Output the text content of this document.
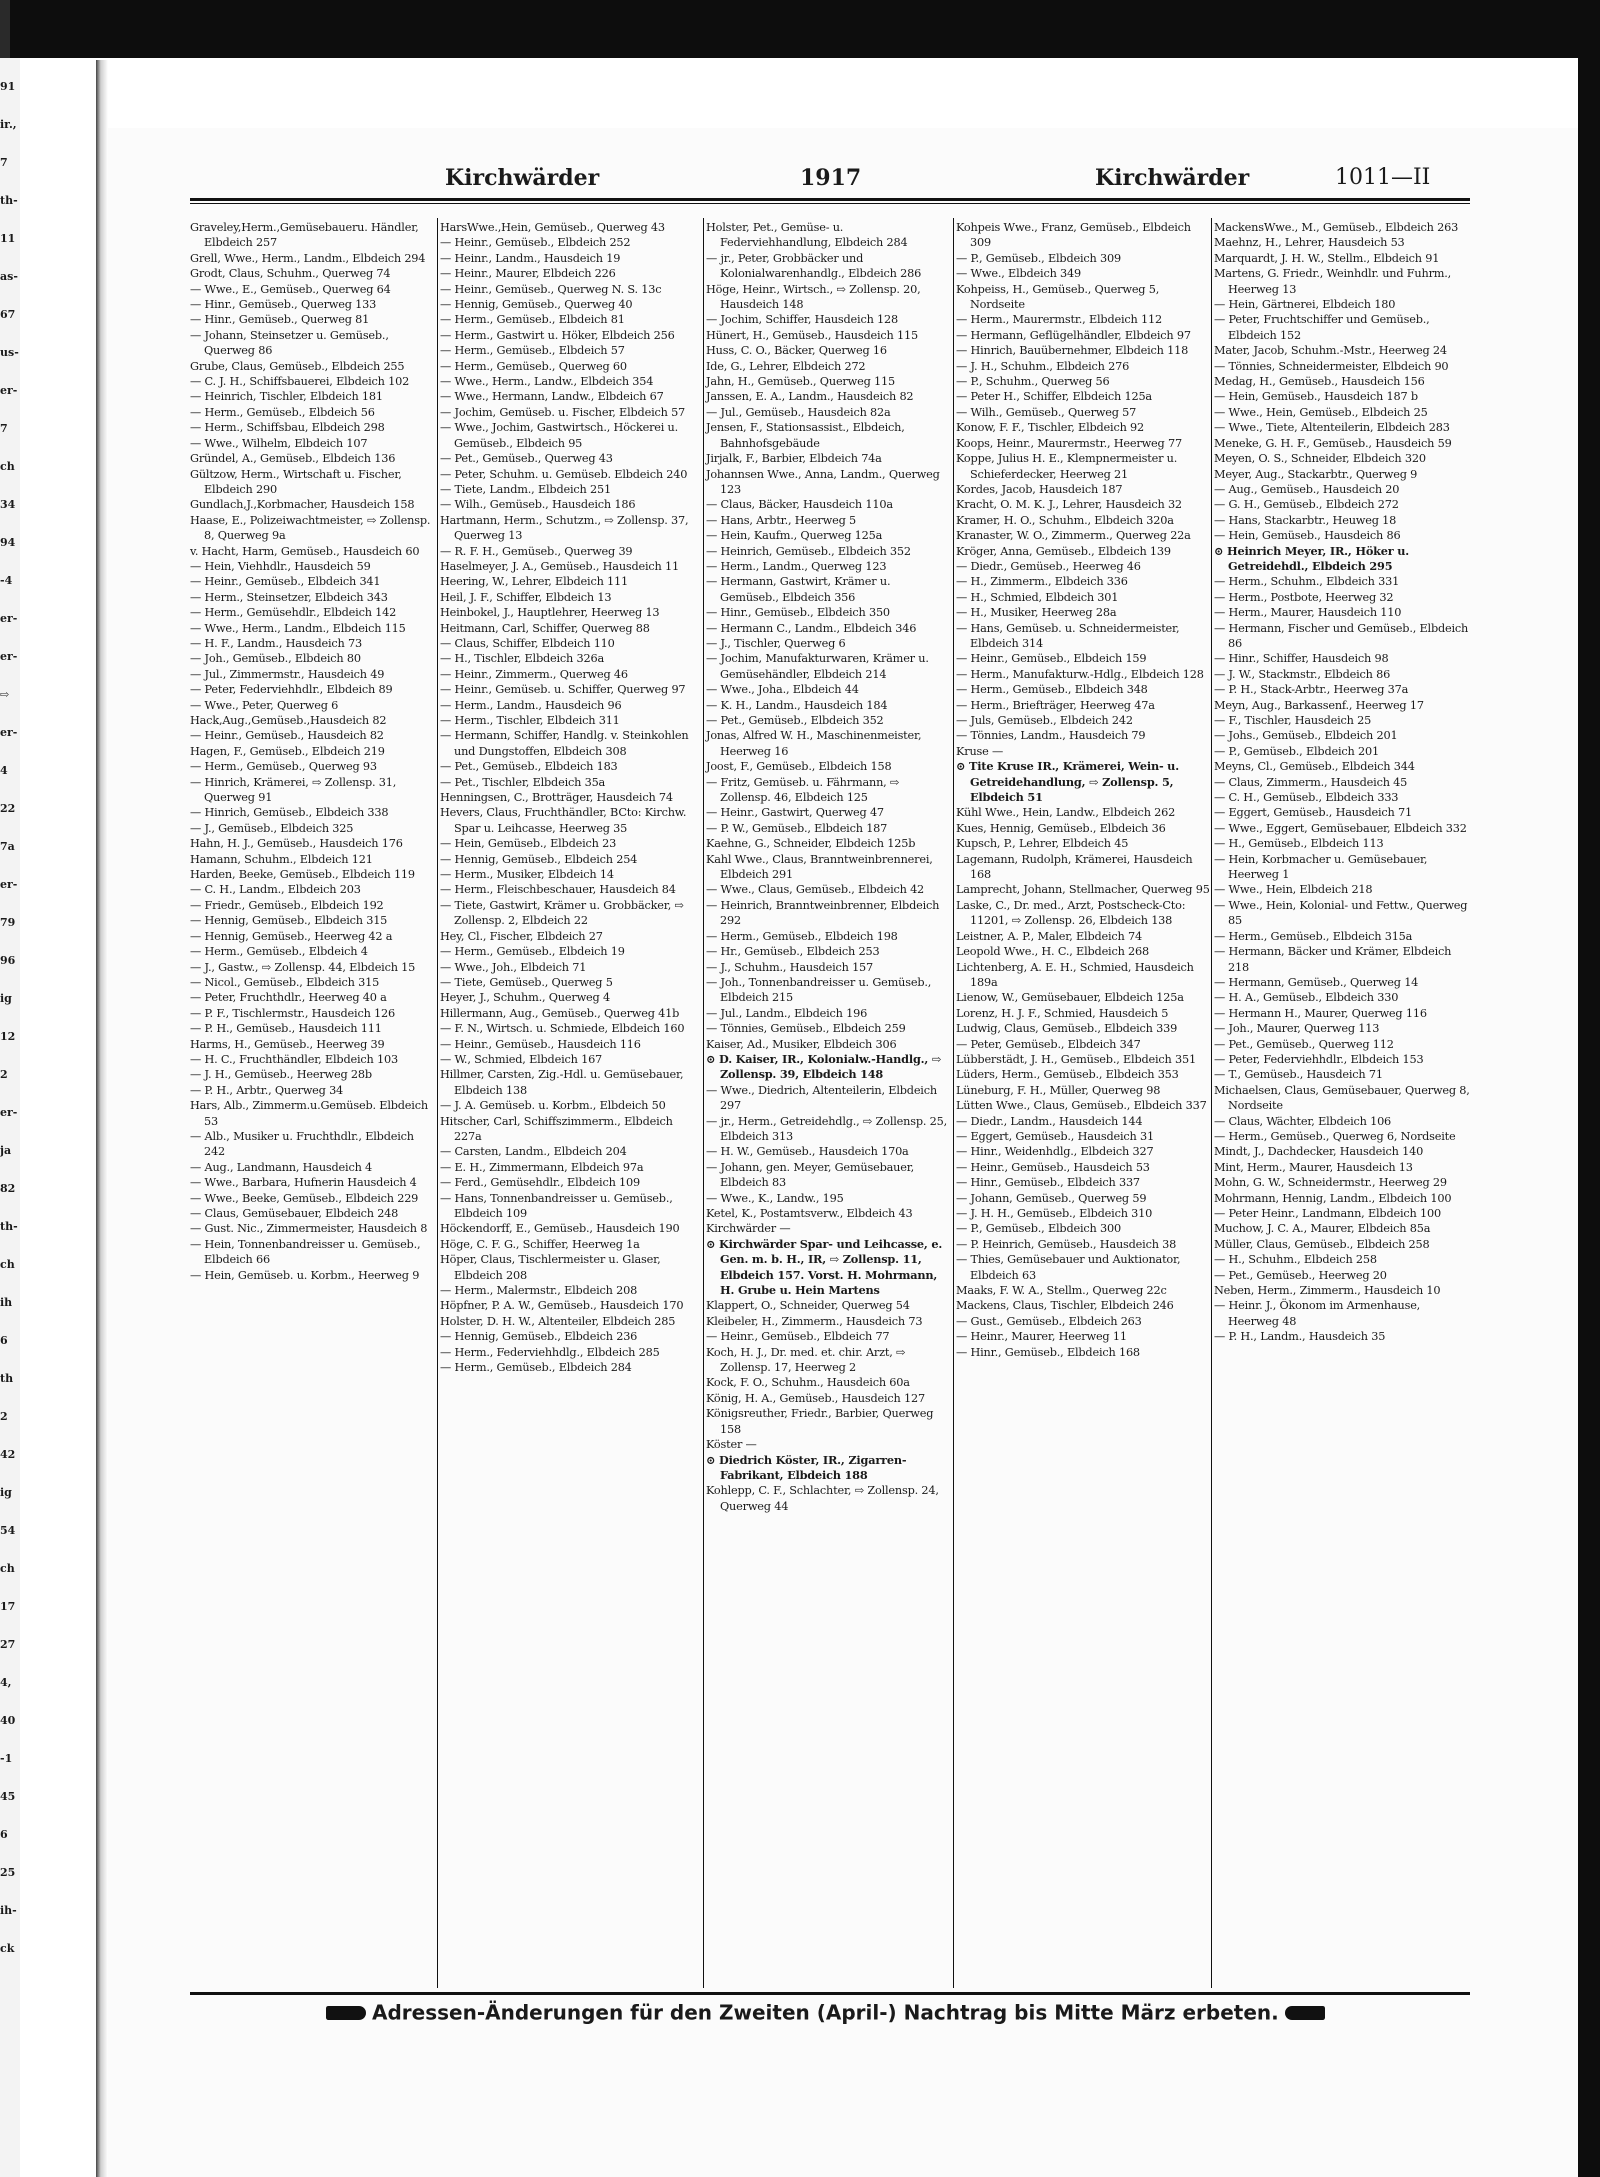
91
ir.,
7
th-
11
as-
67
us-
er-
7
ch
34
94
-4
er-
er-
⇨
er-
4
22
7a
er-
79
96
ig
12
2
er-
ja
82
th-
ch
ih
6
th
2
42
ig
54
ch
17
27
4,
40
-1
45
6
25
ih-
ck
Kirchwärder	1917	Kirchwärder	1011—II
Graveley,Herm.,Gemüsebaueru. Händler, Elbdeich 257
Grell, Wwe., Herm., Landm., Elbdeich 294
Grodt, Claus, Schuhm., Querweg 74
— Wwe., E., Gemüseb., Querweg 64
— Hinr., Gemüseb., Querweg 133
— Hinr., Gemüseb., Querweg 81
— Johann, Steinsetzer u. Gemüseb., Querweg 86
Grube, Claus, Gemüseb., Elbdeich 255
— C. J. H., Schiffsbauerei, Elbdeich 102
— Heinrich, Tischler, Elbdeich 181
— Herm., Gemüseb., Elbdeich 56
— Herm., Schiffsbau, Elbdeich 298
— Wwe., Wilhelm, Elbdeich 107
Gründel, A., Gemüseb., Elbdeich 136
Gültzow, Herm., Wirtschaft u. Fischer, Elbdeich 290
Gundlach,J.,Korbmacher, Hausdeich 158
Haase, E., Polizeiwachtmeister, ⇨ Zollensp. 8, Querweg 9a
v. Hacht, Harm, Gemüseb., Hausdeich 60
— Hein, Viehhdlr., Hausdeich 59
— Heinr., Gemüseb., Elbdeich 341
— Herm., Steinsetzer, Elbdeich 343
— Herm., Gemüsehdlr., Elbdeich 142
— Wwe., Herm., Landm., Elbdeich 115
— H. F., Landm., Hausdeich 73
— Joh., Gemüseb., Elbdeich 80
— Jul., Zimmermstr., Hausdeich 49
— Peter, Federviehhdlr., Elbdeich 89
— Wwe., Peter, Querweg 6
Hack,Aug.,Gemüseb.,Hausdeich 82
— Heinr., Gemüseb., Hausdeich 82
Hagen, F., Gemüseb., Elbdeich 219
— Herm., Gemüseb., Querweg 93
— Hinrich, Krämerei, ⇨ Zollensp. 31, Querweg 91
— Hinrich, Gemüseb., Elbdeich 338
— J., Gemüseb., Elbdeich 325
Hahn, H. J., Gemüseb., Hausdeich 176
Hamann, Schuhm., Elbdeich 121
Harden, Beeke, Gemüseb., Elbdeich 119
— C. H., Landm., Elbdeich 203
— Friedr., Gemüseb., Elbdeich 192
— Hennig, Gemüseb., Elbdeich 315
— Hennig, Gemüseb., Heerweg 42 a
— Herm., Gemüseb., Elbdeich 4
— J., Gastw., ⇨ Zollensp. 44, Elbdeich 15
— Nicol., Gemüseb., Elbdeich 315
— Peter, Fruchthdlr., Heerweg 40 a
— P. F., Tischlermstr., Hausdeich 126
— P. H., Gemüseb., Hausdeich 111
Harms, H., Gemüseb., Heerweg 39
— H. C., Fruchthändler, Elbdeich 103
— J. H., Gemüseb., Heerweg 28b
— P. H., Arbtr., Querweg 34
Hars, Alb., Zimmerm.u.Gemüseb. Elbdeich 53
— Alb., Musiker u. Fruchthdlr., Elbdeich 242
— Aug., Landmann, Hausdeich 4
— Wwe., Barbara, Hufnerin Hausdeich 4
— Wwe., Beeke, Gemüseb., Elbdeich 229
— Claus, Gemüsebauer, Elbdeich 248
— Gust. Nic., Zimmermeister, Hausdeich 8
— Hein, Tonnenbandreisser u. Gemüseb., Elbdeich 66
— Hein, Gemüseb. u. Korbm., Heerweg 9
HarsWwe.,Hein, Gemüseb., Querweg 43
— Heinr., Gemüseb., Elbdeich 252
— Heinr., Landm., Hausdeich 19
— Heinr., Maurer, Elbdeich 226
— Heinr., Gemüseb., Querweg N. S. 13c
— Hennig, Gemüseb., Querweg 40
— Herm., Gemüseb., Elbdeich 81
— Herm., Gastwirt u. Höker, Elbdeich 256
— Herm., Gemüseb., Elbdeich 57
— Herm., Gemüseb., Querweg 60
— Wwe., Herm., Landw., Elbdeich 354
— Wwe., Hermann, Landw., Elbdeich 67
— Jochim, Gemüseb. u. Fischer, Elbdeich 57
— Wwe., Jochim, Gastwirtsch., Höckerei u. Gemüseb., Elbdeich 95
— Pet., Gemüseb., Querweg 43
— Peter, Schuhm. u. Gemüseb. Elbdeich 240
— Tiete, Landm., Elbdeich 251
— Wilh., Gemüseb., Hausdeich 186
Hartmann, Herm., Schutzm., ⇨ Zollensp. 37, Querweg 13
— R. F. H., Gemüseb., Querweg 39
Haselmeyer, J. A., Gemüseb., Hausdeich 11
Heering, W., Lehrer, Elbdeich 111
Heil, J. F., Schiffer, Elbdeich 13
Heinbokel, J., Hauptlehrer, Heerweg 13
Heitmann, Carl, Schiffer, Querweg 88
— Claus, Schiffer, Elbdeich 110
— H., Tischler, Elbdeich 326a
— Heinr., Zimmerm., Querweg 46
— Heinr., Gemüseb. u. Schiffer, Querweg 97
— Herm., Landm., Hausdeich 96
— Herm., Tischler, Elbdeich 311
— Hermann, Schiffer, Handlg. v. Steinkohlen und Dungstoffen, Elbdeich 308
— Pet., Gemüseb., Elbdeich 183
— Pet., Tischler, Elbdeich 35a
Henningsen, C., Brotträger, Hausdeich 74
Hevers, Claus, Fruchthändler, BCto: Kirchw. Spar u. Leihcasse, Heerweg 35
— Hein, Gemüseb., Elbdeich 23
— Hennig, Gemüseb., Elbdeich 254
— Herm., Musiker, Elbdeich 14
— Herm., Fleischbeschauer, Hausdeich 84
— Tiete, Gastwirt, Krämer u. Grobbäcker, ⇨ Zollensp. 2, Elbdeich 22
Hey, Cl., Fischer, Elbdeich 27
— Herm., Gemüseb., Elbdeich 19
— Wwe., Joh., Elbdeich 71
— Tiete, Gemüseb., Querweg 5
Heyer, J., Schuhm., Querweg 4
Hillermann, Aug., Gemüseb., Querweg 41b
— F. N., Wirtsch. u. Schmiede, Elbdeich 160
— Heinr., Gemüseb., Hausdeich 116
— W., Schmied, Elbdeich 167
Hillmer, Carsten, Zig.-Hdl. u. Gemüsebauer, Elbdeich 138
— J. A. Gemüseb. u. Korbm., Elbdeich 50
Hitscher, Carl, Schiffszimmerm., Elbdeich 227a
— Carsten, Landm., Elbdeich 204
— E. H., Zimmermann, Elbdeich 97a
— Ferd., Gemüsehdlr., Elbdeich 109
— Hans, Tonnenbandreisser u. Gemüseb., Elbdeich 109
Höckendorff, E., Gemüseb., Hausdeich 190
Höge, C. F. G., Schiffer, Heerweg 1a
Höper, Claus, Tischlermeister u. Glaser, Elbdeich 208
— Herm., Malermstr., Elbdeich 208
Höpfner, P. A. W., Gemüseb., Hausdeich 170
Holster, D. H. W., Altenteiler, Elbdeich 285
— Hennig, Gemüseb., Elbdeich 236
— Herm., Federviehhdlg., Elbdeich 285
— Herm., Gemüseb., Elbdeich 284
Holster, Pet., Gemüse- u. Federviehhandlung, Elbdeich 284
— jr., Peter, Grobbäcker und Kolonialwarenhandlg., Elbdeich 286
Höge, Heinr., Wirtsch., ⇨ Zollensp. 20, Hausdeich 148
— Jochim, Schiffer, Hausdeich 128
Hünert, H., Gemüseb., Hausdeich 115
Huss, C. O., Bäcker, Querweg 16
Ide, G., Lehrer, Elbdeich 272
Jahn, H., Gemüseb., Querweg 115
Janssen, E. A., Landm., Hausdeich 82
— Jul., Gemüseb., Hausdeich 82a
Jensen, F., Stationsassist., Elbdeich, Bahnhofsgebäude
Jirjalk, F., Barbier, Elbdeich 74a
Johannsen Wwe., Anna, Landm., Querweg 123
— Claus, Bäcker, Hausdeich 110a
— Hans, Arbtr., Heerweg 5
— Hein, Kaufm., Querweg 125a
— Heinrich, Gemüseb., Elbdeich 352
— Herm., Landm., Querweg 123
— Hermann, Gastwirt, Krämer u. Gemüseb., Elbdeich 356
— Hinr., Gemüseb., Elbdeich 350
— Hermann C., Landm., Elbdeich 346
— J., Tischler, Querweg 6
— Jochim, Manufakturwaren, Krämer u. Gemüsehändler, Elbdeich 214
— Wwe., Joha., Elbdeich 44
— K. H., Landm., Hausdeich 184
— Pet., Gemüseb., Elbdeich 352
Jonas, Alfred W. H., Maschinenmeister, Heerweg 16
Joost, F., Gemüseb., Elbdeich 158
— Fritz, Gemüseb. u. Fährmann, ⇨ Zollensp. 46, Elbdeich 125
— Heinr., Gastwirt, Querweg 47
— P. W., Gemüseb., Elbdeich 187
Kaehne, G., Schneider, Elbdeich 125b
Kahl Wwe., Claus, Branntweinbrennerei, Elbdeich 291
— Wwe., Claus, Gemüseb., Elbdeich 42
— Heinrich, Branntweinbrenner, Elbdeich 292
— Herm., Gemüseb., Elbdeich 198
— Hr., Gemüseb., Elbdeich 253
— J., Schuhm., Hausdeich 157
— Joh., Tonnenbandreisser u. Gemüseb., Elbdeich 215
— Jul., Landm., Elbdeich 196
— Tönnies, Gemüseb., Elbdeich 259
Kaiser, Ad., Musiker, Elbdeich 306
⊙ D. Kaiser, IR., Kolonialw.-Handlg., ⇨ Zollensp. 39, Elbdeich 148
— Wwe., Diedrich, Altenteilerin, Elbdeich 297
— jr., Herm., Getreidehdlg., ⇨ Zollensp. 25, Elbdeich 313
— H. W., Gemüseb., Hausdeich 170a
— Johann, gen. Meyer, Gemüsebauer, Elbdeich 83
— Wwe., K., Landw., 195
Ketel, K., Postamtsverw., Elbdeich 43
Kirchwärder —
⊙ Kirchwärder Spar- und Leihcasse, e. Gen. m. b. H., IR, ⇨ Zollensp. 11, Elbdeich 157. Vorst. H. Mohrmann, H. Grube u. Hein Martens
Klappert, O., Schneider, Querweg 54
Kleibeler, H., Zimmerm., Hausdeich 73
— Heinr., Gemüseb., Elbdeich 77
Koch, H. J., Dr. med. et. chir. Arzt, ⇨ Zollensp. 17, Heerweg 2
Kock, F. O., Schuhm., Hausdeich 60a
König, H. A., Gemüseb., Hausdeich 127
Königsreuther, Friedr., Barbier, Querweg 158
Köster —
⊙ Diedrich Köster, IR., Zigarren-Fabrikant, Elbdeich 188
Kohlepp, C. F., Schlachter, ⇨ Zollensp. 24, Querweg 44
Kohpeis Wwe., Franz, Gemüseb., Elbdeich 309
— P., Gemüseb., Elbdeich 309
— Wwe., Elbdeich 349
Kohpeiss, H., Gemüseb., Querweg 5, Nordseite
— Herm., Maurermstr., Elbdeich 112
— Hermann, Geflügelhändler, Elbdeich 97
— Hinrich, Bauübernehmer, Elbdeich 118
— J. H., Schuhm., Elbdeich 276
— P., Schuhm., Querweg 56
— Peter H., Schiffer, Elbdeich 125a
— Wilh., Gemüseb., Querweg 57
Konow, F. F., Tischler, Elbdeich 92
Koops, Heinr., Maurermstr., Heerweg 77
Koppe, Julius H. E., Klempnermeister u. Schieferdecker, Heerweg 21
Kordes, Jacob, Hausdeich 187
Kracht, O. M. K. J., Lehrer, Hausdeich 32
Kramer, H. O., Schuhm., Elbdeich 320a
Kranaster, W. O., Zimmerm., Querweg 22a
Kröger, Anna, Gemüseb., Elbdeich 139
— Diedr., Gemüseb., Heerweg 46
— H., Zimmerm., Elbdeich 336
— H., Schmied, Elbdeich 301
— H., Musiker, Heerweg 28a
— Hans, Gemüseb. u. Schneidermeister, Elbdeich 314
— Heinr., Gemüseb., Elbdeich 159
— Herm., Manufakturw.-Hdlg., Elbdeich 128
— Herm., Gemüseb., Elbdeich 348
— Herm., Briefträger, Heerweg 47a
— Juls, Gemüseb., Elbdeich 242
— Tönnies, Landm., Hausdeich 79
Kruse —
⊙ Tite Kruse IR., Krämerei, Wein- u. Getreidehandlung, ⇨ Zollensp. 5, Elbdeich 51
Kühl Wwe., Hein, Landw., Elbdeich 262
Kues, Hennig, Gemüseb., Elbdeich 36
Kupsch, P., Lehrer, Elbdeich 45
Lagemann, Rudolph, Krämerei, Hausdeich 168
Lamprecht, Johann, Stellmacher, Querweg 95
Laske, C., Dr. med., Arzt, Postscheck-Cto: 11201, ⇨ Zollensp. 26, Elbdeich 138
Leistner, A. P., Maler, Elbdeich 74
Leopold Wwe., H. C., Elbdeich 268
Lichtenberg, A. E. H., Schmied, Hausdeich 189a
Lienow, W., Gemüsebauer, Elbdeich 125a
Lorenz, H. J. F., Schmied, Hausdeich 5
Ludwig, Claus, Gemüseb., Elbdeich 339
— Peter, Gemüseb., Elbdeich 347
Lübberstädt, J. H., Gemüseb., Elbdeich 351
Lüders, Herm., Gemüseb., Elbdeich 353
Lüneburg, F. H., Müller, Querweg 98
Lütten Wwe., Claus, Gemüseb., Elbdeich 337
— Diedr., Landm., Hausdeich 144
— Eggert, Gemüseb., Hausdeich 31
— Hinr., Weidenhdlg., Elbdeich 327
— Heinr., Gemüseb., Hausdeich 53
— Hinr., Gemüseb., Elbdeich 337
— Johann, Gemüseb., Querweg 59
— J. H. H., Gemüseb., Elbdeich 310
— P., Gemüseb., Elbdeich 300
— P. Heinrich, Gemüseb., Hausdeich 38
— Thies, Gemüsebauer und Auktionator, Elbdeich 63
Maaks, F. W. A., Stellm., Querweg 22c
Mackens, Claus, Tischler, Elbdeich 246
— Gust., Gemüseb., Elbdeich 263
— Heinr., Maurer, Heerweg 11
— Hinr., Gemüseb., Elbdeich 168
MackensWwe., M., Gemüseb., Elbdeich 263
Maehnz, H., Lehrer, Hausdeich 53
Marquardt, J. H. W., Stellm., Elbdeich 91
Martens, G. Friedr., Weinhdlr. und Fuhrm., Heerweg 13
— Hein, Gärtnerei, Elbdeich 180
— Peter, Fruchtschiffer und Gemüseb., Elbdeich 152
Mater, Jacob, Schuhm.-Mstr., Heerweg 24
— Tönnies, Schneidermeister, Elbdeich 90
Medag, H., Gemüseb., Hausdeich 156
— Hein, Gemüseb., Hausdeich 187 b
— Wwe., Hein, Gemüseb., Elbdeich 25
— Wwe., Tiete, Altenteilerin, Elbdeich 283
Meneke, G. H. F., Gemüseb., Hausdeich 59
Meyen, O. S., Schneider, Elbdeich 320
Meyer, Aug., Stackarbtr., Querweg 9
— Aug., Gemüseb., Hausdeich 20
— G. H., Gemüseb., Elbdeich 272
— Hans, Stackarbtr., Heuweg 18
— Hein, Gemüseb., Hausdeich 86
⊙ Heinrich Meyer, IR., Höker u. Getreidehdl., Elbdeich 295
— Herm., Schuhm., Elbdeich 331
— Herm., Postbote, Heerweg 32
— Herm., Maurer, Hausdeich 110
— Hermann, Fischer und Gemüseb., Elbdeich 86
— Hinr., Schiffer, Hausdeich 98
— J. W., Stackmstr., Elbdeich 86
— P. H., Stack-Arbtr., Heerweg 37a
Meyn, Aug., Barkassenf., Heerweg 17
— F., Tischler, Hausdeich 25
— Johs., Gemüseb., Elbdeich 201
— P., Gemüseb., Elbdeich 201
Meyns, Cl., Gemüseb., Elbdeich 344
— Claus, Zimmerm., Hausdeich 45
— C. H., Gemüseb., Elbdeich 333
— Eggert, Gemüseb., Hausdeich 71
— Wwe., Eggert, Gemüsebauer, Elbdeich 332
— H., Gemüseb., Elbdeich 113
— Hein, Korbmacher u. Gemüsebauer, Heerweg 1
— Wwe., Hein, Elbdeich 218
— Wwe., Hein, Kolonial- und Fettw., Querweg 85
— Herm., Gemüseb., Elbdeich 315a
— Hermann, Bäcker und Krämer, Elbdeich 218
— Hermann, Gemüseb., Querweg 14
— H. A., Gemüseb., Elbdeich 330
— Hermann H., Maurer, Querweg 116
— Joh., Maurer, Querweg 113
— Pet., Gemüseb., Querweg 112
— Peter, Federviehhdlr., Elbdeich 153
— T., Gemüseb., Hausdeich 71
Michaelsen, Claus, Gemüsebauer, Querweg 8, Nordseite
— Claus, Wächter, Elbdeich 106
— Herm., Gemüseb., Querweg 6, Nordseite
Mindt, J., Dachdecker, Hausdeich 140
Mint, Herm., Maurer, Hausdeich 13
Mohn, G. W., Schneidermstr., Heerweg 29
Mohrmann, Hennig, Landm., Elbdeich 100
— Peter Heinr., Landmann, Elbdeich 100
Muchow, J. C. A., Maurer, Elbdeich 85a
Müller, Claus, Gemüseb., Elbdeich 258
— H., Schuhm., Elbdeich 258
— Pet., Gemüseb., Heerweg 20
Neben, Herm., Zimmerm., Hausdeich 10
— Heinr. J., Ökonom im Armenhause, Heerweg 48
— P. H., Landm., Hausdeich 35
Adressen-Änderungen für den Zweiten (April-) Nachtrag bis Mitte März erbeten.
